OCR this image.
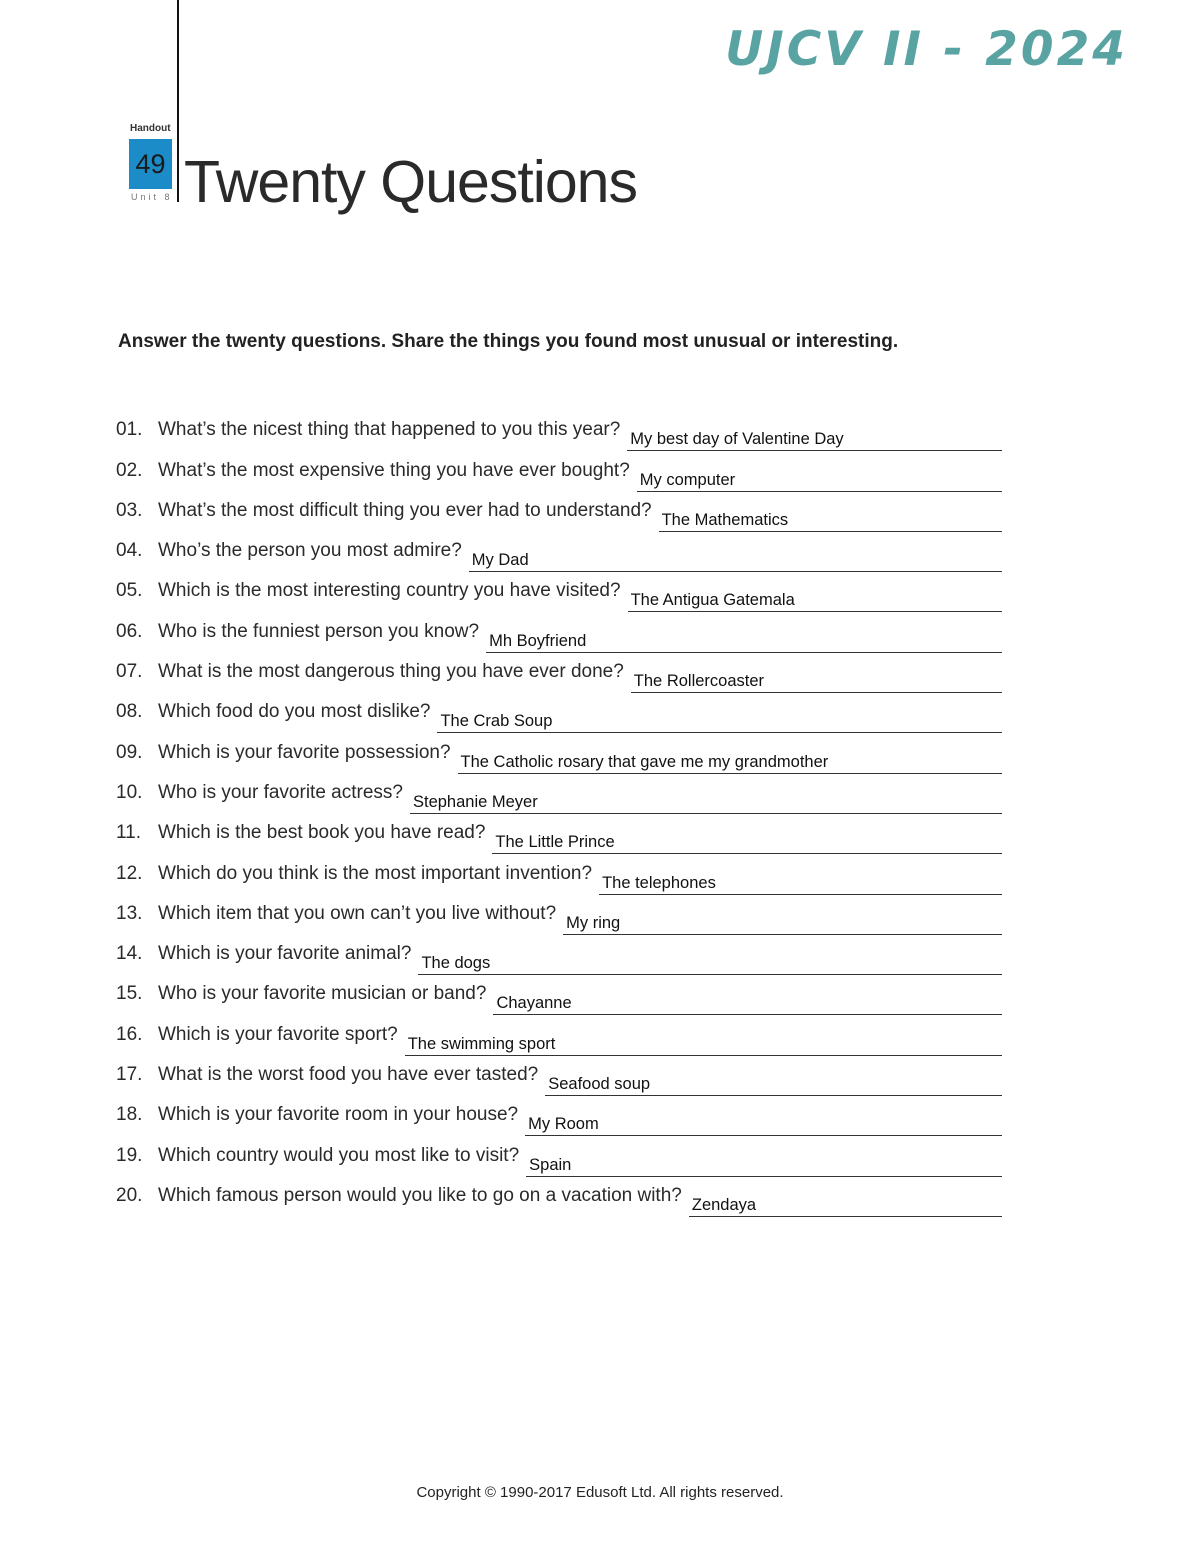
UJCV II - 2024
Handout
49
Unit 8 Twenty Questions
Answer the twenty questions. Share the things you found most unusual or interesting.
01. What’s the nicest thing that happened to you this year? My best day of Valentine Day
02. What’s the most expensive thing you have ever bought? My computer
03. What’s the most difficult thing you ever had to understand? The Mathematics
04. Who’s the person you most admire? My Dad
05. Which is the most interesting country you have visited? The Antigua Gatemala
06. Who is the funniest person you know? Mh Boyfriend
07. What is the most dangerous thing you have ever done? The Rollercoaster
08. Which food do you most dislike? The Crab Soup
09. Which is your favorite possession? The Catholic rosary that gave me my grandmother
10. Who is your favorite actress? Stephanie Meyer
11. Which is the best book you have read? The Little Prince
12. Which do you think is the most important invention? The telephones
13. Which item that you own can’t you live without? My ring
14. Which is your favorite animal? The dogs
15. Who is your favorite musician or band? Chayanne
16. Which is your favorite sport? The swimming sport
17. What is the worst food you have ever tasted? Seafood soup
18. Which is your favorite room in your house? My Room
19. Which country would you most like to visit? Spain
20. Which famous person would you like to go on a vacation with? Zendaya
Copyright © 1990-2017 Edusoft Ltd. All rights reserved.
